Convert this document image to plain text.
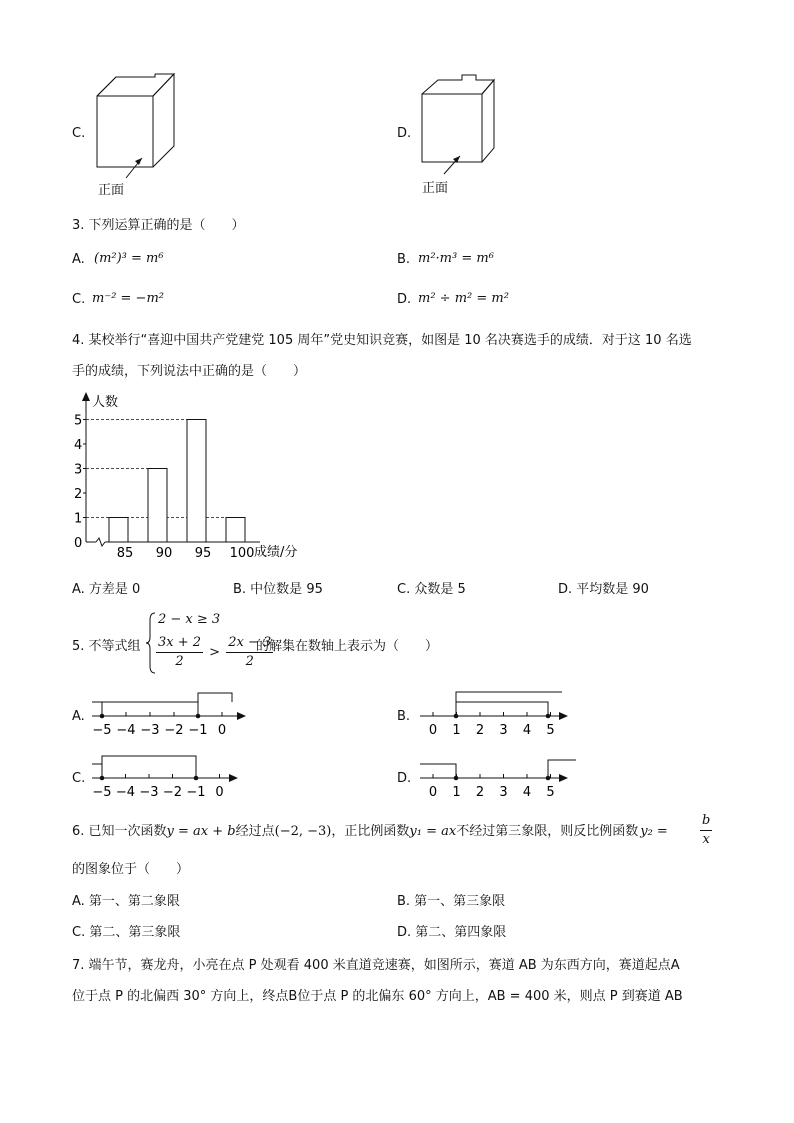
C.
正面
D.
正面
3. 下列运算正确的是（　　）
A. (m²)³ = m⁶	B. m²·m³ = m⁶
C. m⁻² = −m²	D. m² ÷ m² = m²
4. 某校举行“喜迎中国共产党建党 105 周年”党史知识竞赛，如图是 10 名决赛选手的成绩．对于这 10 名选
手的成绩，下列说法中正确的是（　　）
0
1
2
3
4
5
85 90 95 100
人数
成绩/分
A. 方差是 0	B. 中位数是 95	C. 众数是 5	D. 平均数是 90
5. 不等式组
2 − x ≥ 3
$\frac{3x + 2}{2} > \frac{2x - 3}{2}$
的解集在数轴上表示为（　　）
A.
−5 −4 −3 −2 −1 0
B.
0 1 2 3 4 5
C.
−5 −4 −3 −2 −1 0
D.
0 1 2 3 4 5
6. 已知一次函数y = ax + b经过点(−2, −3)，正比例函数y₁ = ax不经过第三象限，则反比例函数 $y_2 = \frac{b}{x}$
的图象位于（　　）
A. 第一、第二象限	B. 第一、第三象限
C. 第二、第三象限	D. 第二、第四象限
7. 端午节，赛龙舟，小亮在点 P 处观看 400 米直道竞速赛，如图所示，赛道 AB 为东西方向，赛道起点A
位于点 P 的北偏西 30° 方向上，终点B位于点 P 的北偏东 60° 方向上，AB = 400 米，则点 P 到赛道 AB
